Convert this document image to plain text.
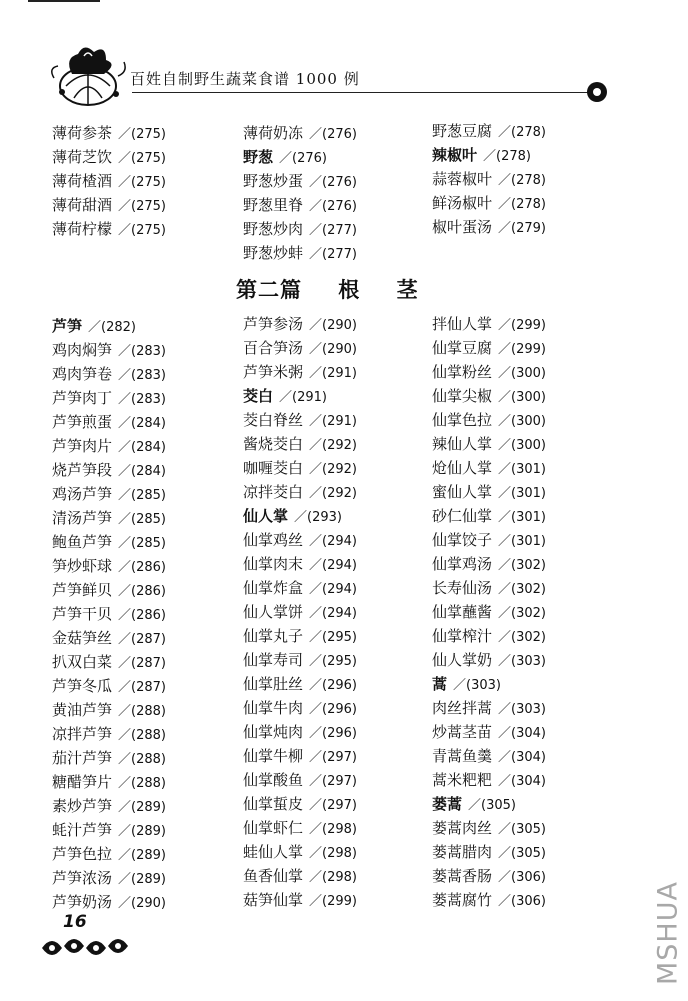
百姓自制野生蔬菜食谱 1000 例
薄荷参茶 ／(275)
薄荷芝饮 ／(275)
薄荷楂酒 ／(275)
薄荷甜酒 ／(275)
薄荷柠檬 ／(275)
薄荷奶冻 ／(276)
野葱 ／(276)
野葱炒蛋 ／(276)
野葱里脊 ／(276)
野葱炒肉 ／(277)
野葱炒蚌 ／(277)
野葱豆腐 ／(278)
辣椒叶 ／(278)
蒜蓉椒叶 ／(278)
鲜汤椒叶 ／(278)
椒叶蛋汤 ／(279)
第二篇 根 茎
芦笋 ／(282)
鸡肉焖笋 ／(283)
鸡肉笋卷 ／(283)
芦笋肉丁 ／(283)
芦笋煎蛋 ／(284)
芦笋肉片 ／(284)
烧芦笋段 ／(284)
鸡汤芦笋 ／(285)
清汤芦笋 ／(285)
鲍鱼芦笋 ／(285)
笋炒虾球 ／(286)
芦笋鲜贝 ／(286)
芦笋干贝 ／(286)
金菇笋丝 ／(287)
扒双白菜 ／(287)
芦笋冬瓜 ／(287)
黄油芦笋 ／(288)
凉拌芦笋 ／(288)
茄汁芦笋 ／(288)
糖醋笋片 ／(288)
素炒芦笋 ／(289)
蚝汁芦笋 ／(289)
芦笋色拉 ／(289)
芦笋浓汤 ／(289)
芦笋奶汤 ／(290)
芦笋参汤 ／(290)
百合笋汤 ／(290)
芦笋米粥 ／(291)
茭白 ／(291)
茭白脊丝 ／(291)
酱烧茭白 ／(292)
咖喱茭白 ／(292)
凉拌茭白 ／(292)
仙人掌 ／(293)
仙掌鸡丝 ／(294)
仙掌肉末 ／(294)
仙掌炸盒 ／(294)
仙人掌饼 ／(294)
仙掌丸子 ／(295)
仙掌寿司 ／(295)
仙掌肚丝 ／(296)
仙掌牛肉 ／(296)
仙掌炖肉 ／(296)
仙掌牛柳 ／(297)
仙掌酸鱼 ／(297)
仙掌蜇皮 ／(297)
仙掌虾仁 ／(298)
蛙仙人掌 ／(298)
鱼香仙掌 ／(298)
菇笋仙掌 ／(299)
拌仙人掌 ／(299)
仙掌豆腐 ／(299)
仙掌粉丝 ／(300)
仙掌尖椒 ／(300)
仙掌色拉 ／(300)
辣仙人掌 ／(300)
炝仙人掌 ／(301)
蜜仙人掌 ／(301)
砂仁仙掌 ／(301)
仙掌饺子 ／(301)
仙掌鸡汤 ／(302)
长寿仙汤 ／(302)
仙掌蘸酱 ／(302)
仙掌榨汁 ／(302)
仙人掌奶 ／(303)
蒿 ／(303)
肉丝拌蒿 ／(303)
炒蒿茎苗 ／(304)
青蒿鱼羹 ／(304)
蒿米粑粑 ／(304)
蒌蒿 ／(305)
蒌蒿肉丝 ／(305)
蒌蒿腊肉 ／(305)
蒌蒿香肠 ／(306)
蒌蒿腐竹 ／(306)
16	MSHUA
